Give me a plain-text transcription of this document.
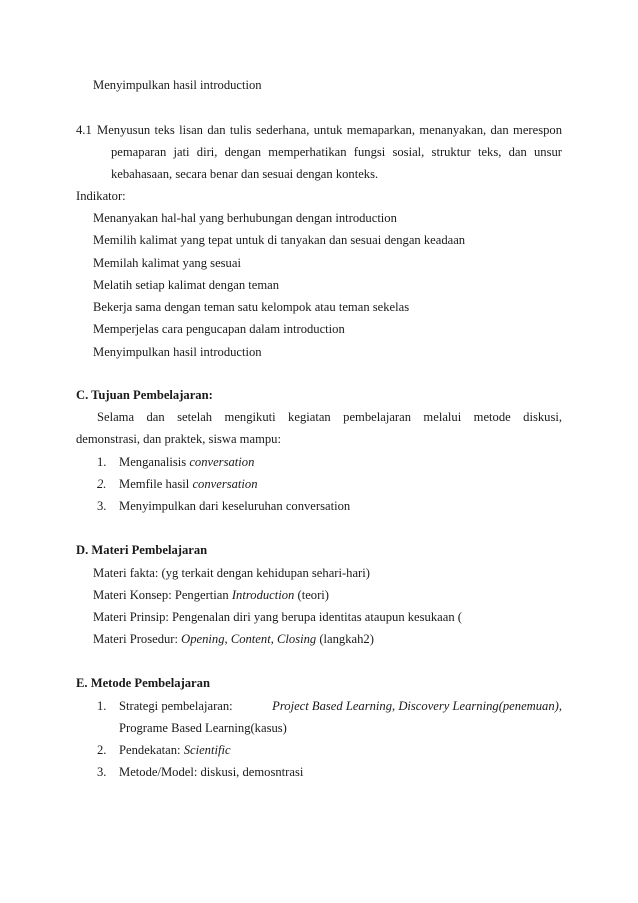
Menyimpulkan hasil introduction
4.1 Menyusun teks lisan dan tulis sederhana, untuk memaparkan, menanyakan, dan merespon
pemaparan jati diri, dengan memperhatikan fungsi sosial, struktur teks, dan unsur
kebahasaan, secara benar dan sesuai dengan konteks.
Indikator:
Menanyakan hal-hal yang berhubungan dengan introduction
Memilih kalimat yang tepat untuk di tanyakan dan sesuai dengan keadaan
Memilah kalimat yang sesuai
Melatih setiap kalimat dengan teman
Bekerja sama dengan teman satu kelompok atau teman sekelas
Memperjelas cara pengucapan dalam introduction
Menyimpulkan hasil introduction
C. Tujuan Pembelajaran:
Selama dan setelah mengikuti kegiatan pembelajaran melalui metode diskusi,
demonstrasi, dan praktek, siswa mampu:
1. Menganalisis conversation
2. Memfile hasil conversation
3. Menyimpulkan dari keseluruhan conversation
D. Materi Pembelajaran
Materi fakta: (yg terkait dengan kehidupan sehari-hari)
Materi Konsep: Pengertian Introduction (teori)
Materi Prinsip: Pengenalan diri yang berupa identitas ataupun kesukaan (
Materi Prosedur: Opening, Content, Closing (langkah2)
E. Metode Pembelajaran
1. Strategi pembelajaran:	Project Based Learning, Discovery Learning(penemuan),
Programe Based Learning(kasus)
2. Pendekatan: Scientific
3. Metode/Model: diskusi, demosntrasi
